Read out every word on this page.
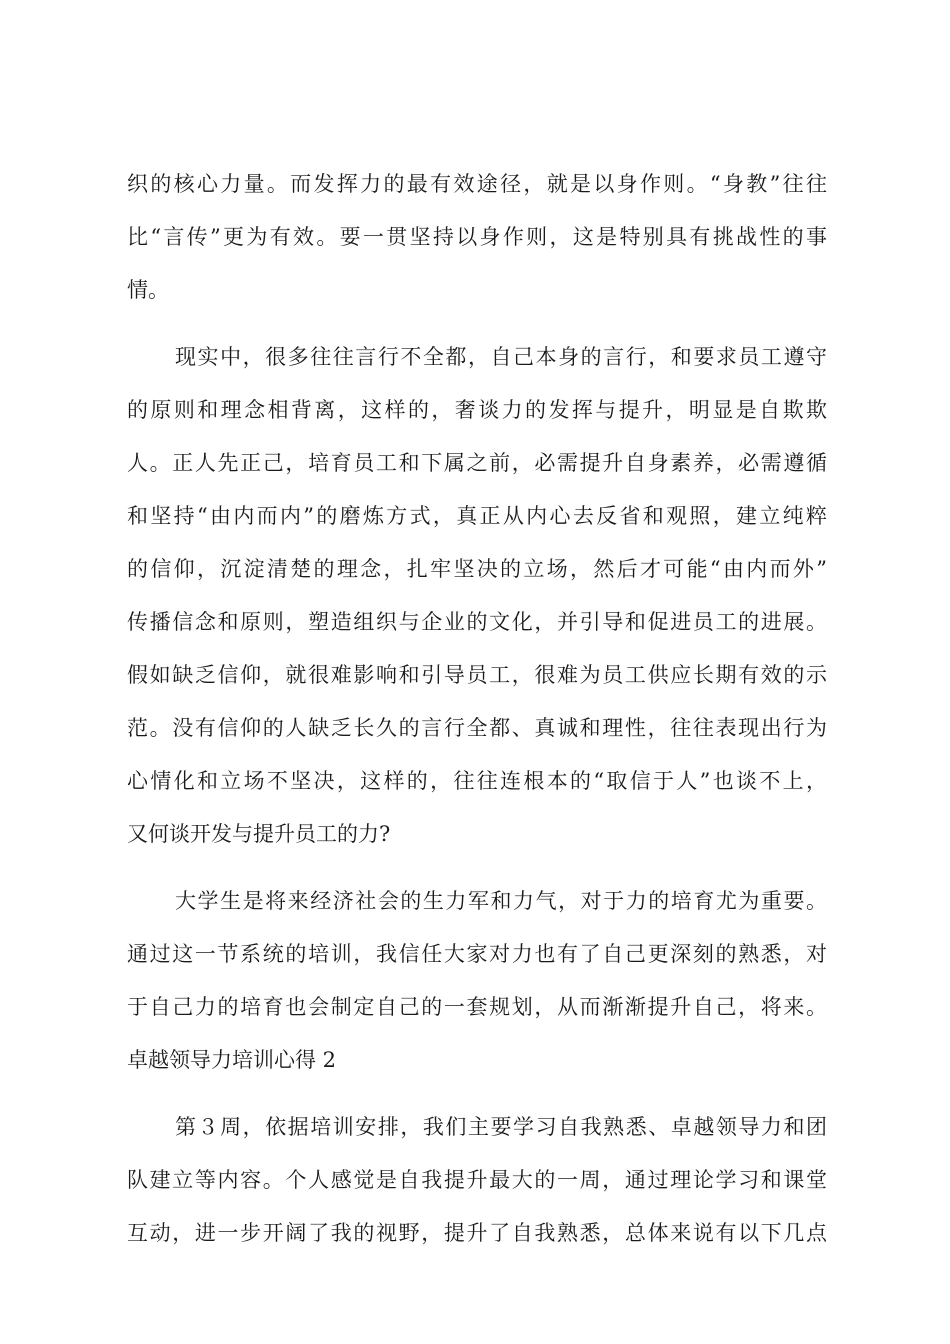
织的核心力量。而发挥力的最有效途径，就是以身作则。“身教”往往
比“言传”更为有效。要一贯坚持以身作则，这是特别具有挑战性的事
情。
现实中，很多往往言行不全都，自己本身的言行，和要求员工遵守
的原则和理念相背离，这样的，奢谈力的发挥与提升，明显是自欺欺
人。正人先正己，培育员工和下属之前，必需提升自身素养，必需遵循
和坚持“由内而内”的磨炼方式，真正从内心去反省和观照，建立纯粹
的信仰，沉淀清楚的理念，扎牢坚决的立场，然后才可能“由内而外”
传播信念和原则，塑造组织与企业的文化，并引导和促进员工的进展。
假如缺乏信仰，就很难影响和引导员工，很难为员工供应长期有效的示
范。没有信仰的人缺乏长久的言行全都、真诚和理性，往往表现出行为
心情化和立场不坚决，这样的，往往连根本的“取信于人”也谈不上，
又何谈开发与提升员工的力?
大学生是将来经济社会的生力军和力气，对于力的培育尤为重要。
通过这一节系统的培训，我信任大家对力也有了自己更深刻的熟悉，对
于自己力的培育也会制定自己的一套规划，从而渐渐提升自己，将来。
卓越领导力培训心得 2
第３周，依据培训安排，我们主要学习自我熟悉、卓越领导力和团
队建立等内容。个人感觉是自我提升最大的一周，通过理论学习和课堂
互动，进一步开阔了我的视野，提升了自我熟悉，总体来说有以下几点
